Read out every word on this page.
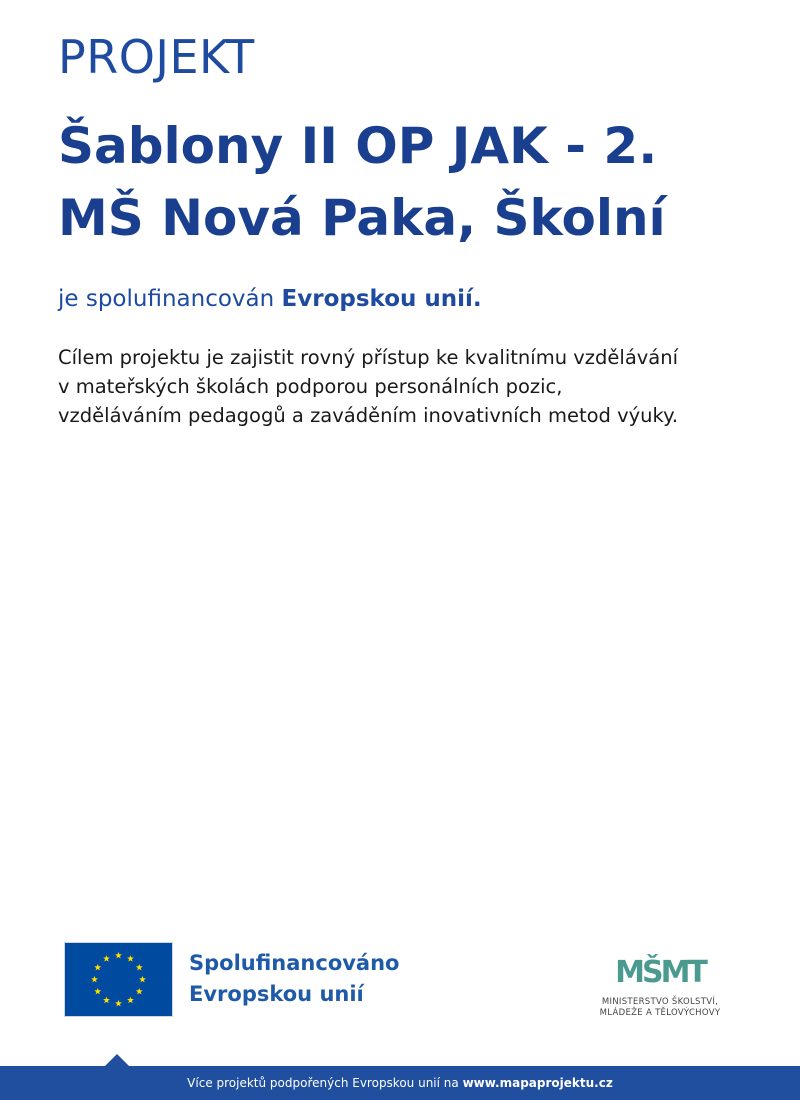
PROJEKT
Šablony II OP JAK - 2.
MŠ Nová Paka, Školní
je spolufinancován Evropskou unií.
Cílem projektu je zajistit rovný přístup ke kvalitnímu vzdělávání
v mateřských školách podporou personálních pozic,
vzděláváním pedagogů a zaváděním inovativních metod výuky.
Spolufinancováno
Evropskou unií
MŠMT
MINISTERSTVO ŠKOLSTVÍ,
MLÁDEŽE A TĚLOVÝCHOVY
Více projektů podpořených Evropskou unií na www.mapaprojektu.cz
